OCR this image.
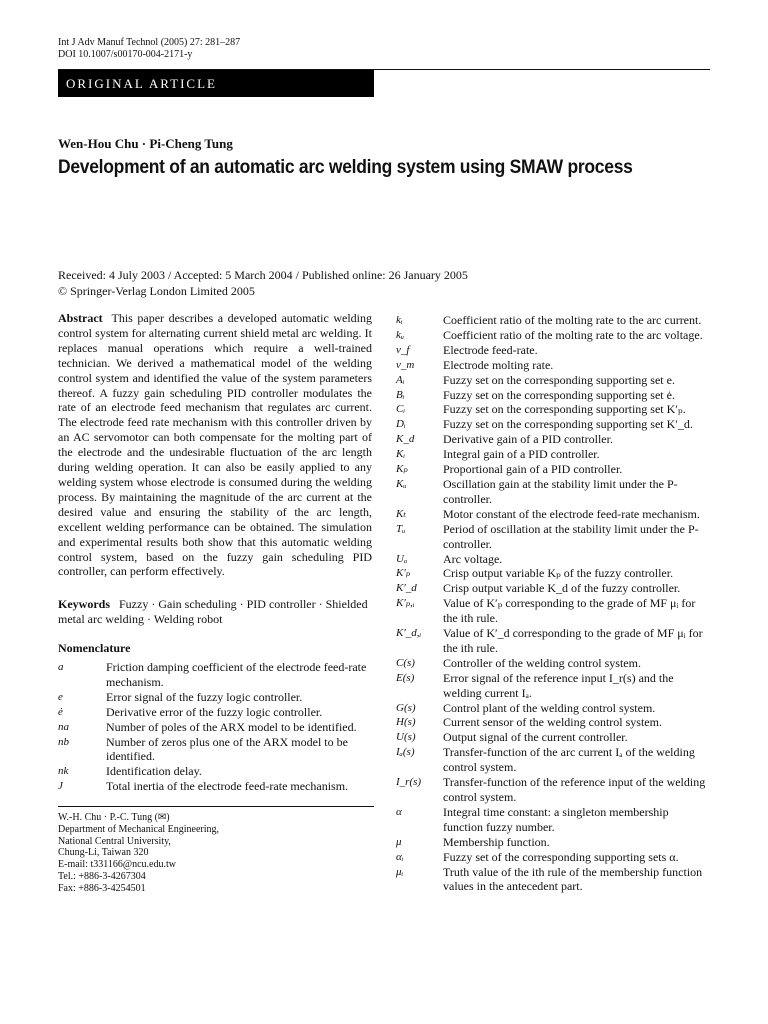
Int J Adv Manuf Technol (2005) 27: 281–287
DOI 10.1007/s00170-004-2171-y
ORIGINAL ARTICLE
Wen-Hou Chu · Pi-Cheng Tung
Development of an automatic arc welding system using SMAW process
Received: 4 July 2003 / Accepted: 5 March 2004 / Published online: 26 January 2005
© Springer-Verlag London Limited 2005
Abstract This paper describes a developed automatic welding control system for alternating current shield metal arc welding. It replaces manual operations which require a well-trained technician. We derived a mathematical model of the welding control system and identified the value of the system parameters thereof. A fuzzy gain scheduling PID controller modulates the rate of an electrode feed mechanism that regulates arc current. The electrode feed rate mechanism with this controller driven by an AC servomotor can both compensate for the molting part of the electrode and the undesirable fluctuation of the arc length during welding operation. It can also be easily applied to any welding system whose electrode is consumed during the welding process. By maintaining the magnitude of the arc current at the desired value and ensuring the stability of the arc length, excellent welding performance can be obtained. The simulation and experimental results both show that this automatic welding control system, based on the fuzzy gain scheduling PID controller, can perform effectively.
Keywords Fuzzy · Gain scheduling · PID controller · Shielded metal arc welding · Welding robot
Nomenclature
a	Friction damping coefficient of the electrode feed-rate mechanism.
e	Error signal of the fuzzy logic controller.
ė	Derivative error of the fuzzy logic controller.
na	Number of poles of the ARX model to be identified.
nb	Number of zeros plus one of the ARX model to be identified.
nk	Identification delay.
J	Total inertia of the electrode feed-rate mechanism.
W.-H. Chu · P.-C. Tung (✉)
Department of Mechanical Engineering,
National Central University,
Chung-Li, Taiwan 320
E-mail: t331166@ncu.edu.tw
Tel.: +886-3-4267304
Fax: +886-3-4254501
kᵢ	Coefficient ratio of the molting rate to the arc current.
kᵤ	Coefficient ratio of the molting rate to the arc voltage.
v_f	Electrode feed-rate.
v_m	Electrode molting rate.
Aᵢ	Fuzzy set on the corresponding supporting set e.
Bᵢ	Fuzzy set on the corresponding supporting set ė.
Cᵢ	Fuzzy set on the corresponding supporting set K′ₚ.
Dᵢ	Fuzzy set on the corresponding supporting set K′_d.
K_d	Derivative gain of a PID controller.
Kᵢ	Integral gain of a PID controller.
Kₚ	Proportional gain of a PID controller.
Kᵤ	Oscillation gain at the stability limit under the P-controller.
Kₜ	Motor constant of the electrode feed-rate mechanism.
Tᵤ	Period of oscillation at the stability limit under the P-controller.
Uₐ	Arc voltage.
K′ₚ	Crisp output variable Kₚ of the fuzzy controller.
K′_d	Crisp output variable K_d of the fuzzy controller.
K′ₚ,ᵢ	Value of K′ₚ corresponding to the grade of MF μᵢ for the ith rule.
K′_d,ᵢ	Value of K′_d corresponding to the grade of MF μᵢ for the ith rule.
C(s)	Controller of the welding control system.
E(s)	Error signal of the reference input I_r(s) and the welding current Iₐ.
G(s)	Control plant of the welding control system.
H(s)	Current sensor of the welding control system.
U(s)	Output signal of the current controller.
Iₐ(s)	Transfer-function of the arc current Iₐ of the welding control system.
I_r(s)	Transfer-function of the reference input of the welding control system.
α	Integral time constant: a singleton membership function fuzzy number.
μ	Membership function.
αᵢ	Fuzzy set of the corresponding supporting sets α.
μᵢ	Truth value of the ith rule of the membership function values in the antecedent part.
